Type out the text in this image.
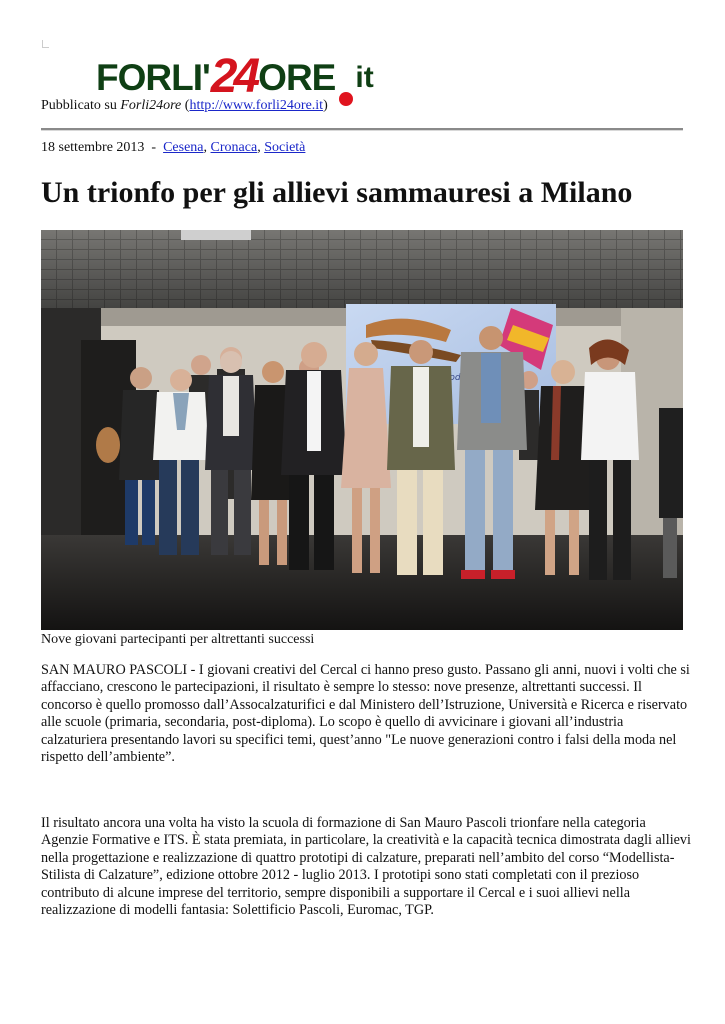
FORLI' 24 ORE it
Pubblicato su Forli24ore (http://www.forli24ore.it)
18 settembre 2013  -  Cesena, Cronaca, Società
Un trionfo per gli allievi sammauresi a Milano
moda
Nove giovani partecipanti per altrettanti successi

SAN MAURO PASCOLI - I giovani creativi del Cercal ci hanno preso gusto. Passano gli anni, nuovi i volti che si affacciano, crescono le partecipazioni, il risultato è sempre lo stesso: nove presenze, altrettanti successi. Il concorso è quello promosso dall’Assocalzaturifici e dal Ministero dell’Istruzione, Università e Ricerca e riservato alle scuole (primaria, secondaria, post-diploma). Lo scopo è quello di avvicinare i giovani all’industria calzaturiera presentando lavori su specifici temi, quest’anno "Le nuove generazioni contro i falsi della moda nel rispetto dell’ambiente”.

Il risultato ancora una volta ha visto la scuola di formazione di San Mauro Pascoli trionfare nella categoria Agenzie Formative e ITS. È stata premiata, in particolare, la creatività e la capacità tecnica dimostrata dagli allievi nella progettazione e realizzazione di quattro prototipi di calzature, preparati nell’ambito del corso “Modellista-Stilista di Calzature”, edizione ottobre 2012 - luglio 2013. I prototipi sono stati completati con il prezioso contributo di alcune imprese del territorio, sempre disponibili a supportare il Cercal e i suoi allievi nella realizzazione di modelli fantasia: Solettificio Pascoli, Euromac, TGP.
